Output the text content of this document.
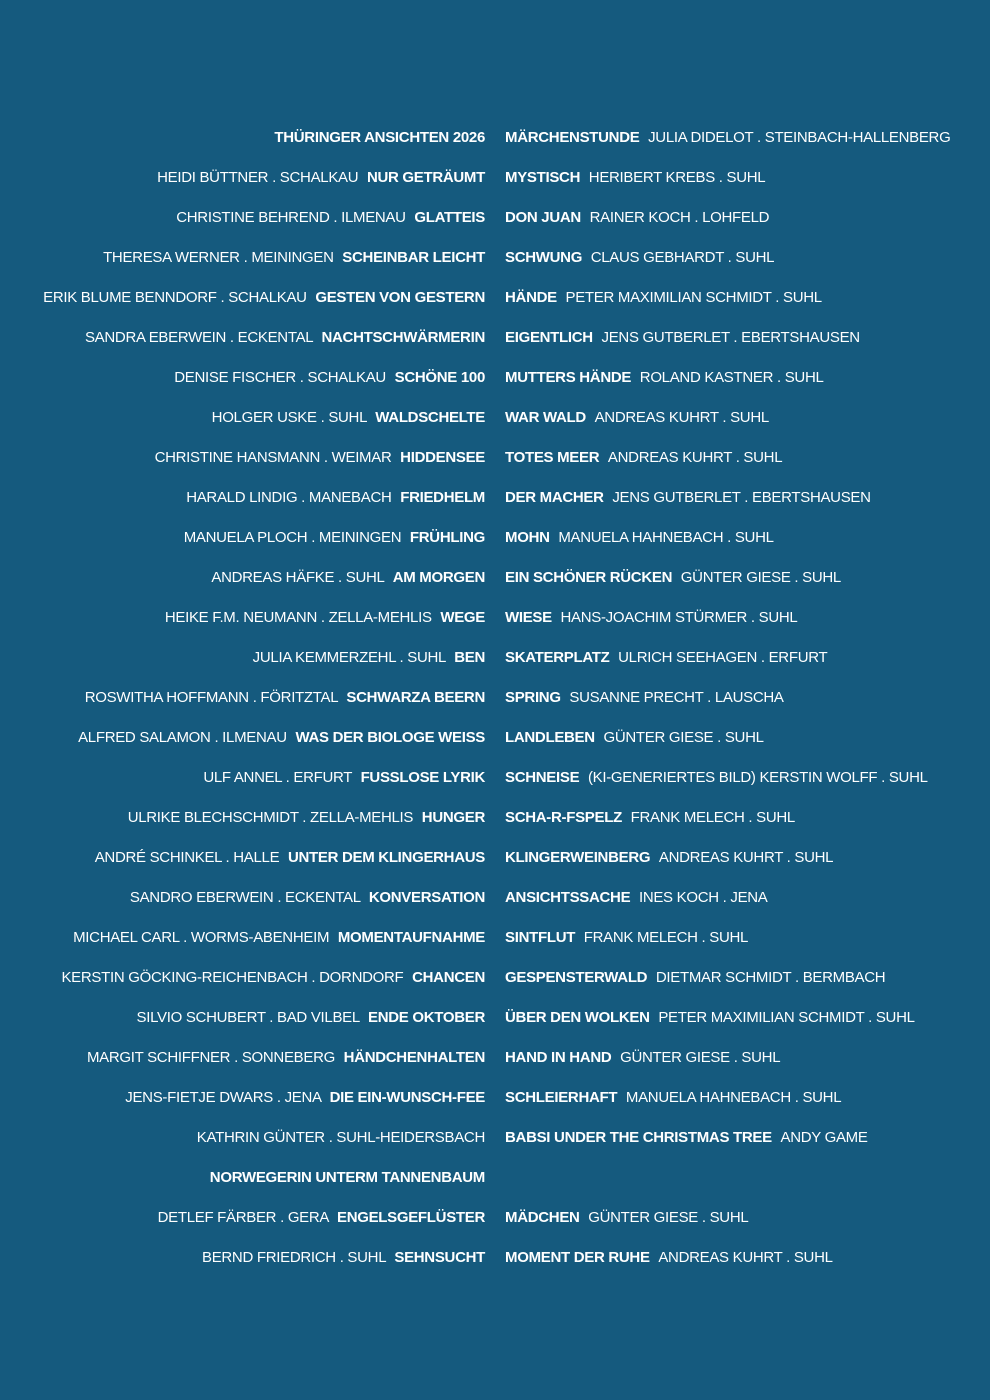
THÜRINGER ANSICHTEN 2026 MÄRCHENSTUNDE JULIA DIDELOT . STEINBACH-HALLENBERG
HEIDI BÜTTNER . SCHALKAU NUR GETRÄUMT MYSTISCH HERIBERT KREBS . SUHL
CHRISTINE BEHREND . ILMENAU GLATTEIS DON JUAN RAINER KOCH . LOHFELD
THERESA WERNER . MEININGEN SCHEINBAR LEICHT SCHWUNG CLAUS GEBHARDT . SUHL
ERIK BLUME BENNDORF . SCHALKAU GESTEN VON GESTERN HÄNDE PETER MAXIMILIAN SCHMIDT . SUHL
SANDRA EBERWEIN . ECKENTAL NACHTSCHWÄRMERIN EIGENTLICH JENS GUTBERLET . EBERTSHAUSEN
DENISE FISCHER . SCHALKAU SCHÖNE 100 MUTTERS HÄNDE ROLAND KASTNER . SUHL
HOLGER USKE . SUHL WALDSCHELTE WAR WALD ANDREAS KUHRT . SUHL
CHRISTINE HANSMANN . WEIMAR HIDDENSEE TOTES MEER ANDREAS KUHRT . SUHL
HARALD LINDIG . MANEBACH FRIEDHELM DER MACHER JENS GUTBERLET . EBERTSHAUSEN
MANUELA PLOCH . MEININGEN FRÜHLING MOHN MANUELA HAHNEBACH . SUHL
ANDREAS HÄFKE . SUHL AM MORGEN EIN SCHÖNER RÜCKEN GÜNTER GIESE . SUHL
HEIKE F.M. NEUMANN . ZELLA-MEHLIS WEGE WIESE HANS-JOACHIM STÜRMER . SUHL
JULIA KEMMERZEHL . SUHL BEN SKATERPLATZ ULRICH SEEHAGEN . ERFURT
ROSWITHA HOFFMANN . FÖRITZTAL SCHWARZA BEERN SPRING SUSANNE PRECHT . LAUSCHA
ALFRED SALAMON . ILMENAU WAS DER BIOLOGE WEISS LANDLEBEN GÜNTER GIESE . SUHL
ULF ANNEL . ERFURT FUSSLOSE LYRIK SCHNEISE (KI-GENERIERTES BILD) KERSTIN WOLFF . SUHL
ULRIKE BLECHSCHMIDT . ZELLA-MEHLIS HUNGER SCHA-R-FSPELZ FRANK MELECH . SUHL
ANDRÉ SCHINKEL . HALLE UNTER DEM KLINGERHAUS KLINGERWEINBERG ANDREAS KUHRT . SUHL
SANDRO EBERWEIN . ECKENTAL KONVERSATION ANSICHTSSACHE INES KOCH . JENA
MICHAEL CARL . WORMS-ABENHEIM MOMENTAUFNAHME SINTFLUT FRANK MELECH . SUHL
KERSTIN GÖCKING-REICHENBACH . DORNDORF CHANCEN GESPENSTERWALD DIETMAR SCHMIDT . BERMBACH
SILVIO SCHUBERT . BAD VILBEL ENDE OKTOBER ÜBER DEN WOLKEN PETER MAXIMILIAN SCHMIDT . SUHL
MARGIT SCHIFFNER . SONNEBERG HÄNDCHENHALTEN HAND IN HAND GÜNTER GIESE . SUHL
JENS-FIETJE DWARS . JENA DIE EIN-WUNSCH-FEE SCHLEIERHAFT MANUELA HAHNEBACH . SUHL
KATHRIN GÜNTER . SUHL-HEIDERSBACH BABSI UNDER THE CHRISTMAS TREE ANDY GAME
NORWEGERIN UNTERM TANNENBAUM
DETLEF FÄRBER . GERA ENGELSGEFLÜSTER MÄDCHEN GÜNTER GIESE . SUHL
BERND FRIEDRICH . SUHL SEHNSUCHT MOMENT DER RUHE ANDREAS KUHRT . SUHL
